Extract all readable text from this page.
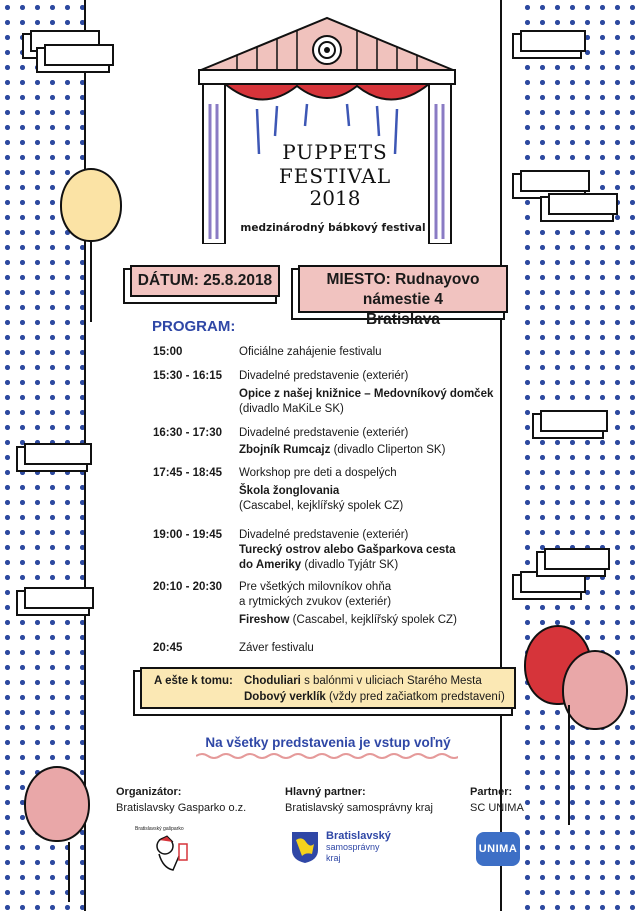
PUPPETS FESTIVAL
2018
medzinárodný bábkový festival
DÁTUM: 25.8.2018	MIESTO: Rudnayovo námestie 4
Bratislava
PROGRAM:
15:00	Oficiálne zahájenie festivalu
15:30 - 16:15 Divadelné predstavenie (exteriér)
Opice z našej knižnice – Medovníkový domček
(divadlo MaKiLe SK)
16:30 - 17:30 Divadelné predstavenie (exteriér)
Zbojník Rumcajz (divadlo Cliperton SK)
17:45 - 18:45 Workshop pre deti a dospelých
Škola žonglovania
(Cascabel, kejklířský spolek CZ)
19:00 - 19:45 Divadelné predstavenie (exteriér)
Turecký ostrov alebo Gašparkova cesta
do Ameriky (divadlo Tyjátr SK)
20:10 - 20:30 Pre všetkých milovníkov ohňa
a rytmických zvukov (exteriér)
Fireshow (Cascabel, kejklířský spolek CZ)
20:45	Záver festivalu
A ešte k tomu: Choduliari s balónmi v uliciach Starého Mesta
Dobový verklík (vždy pred začiatkom predstavení)
Na všetky predstavenia je vstup voľný
Organizátor:
Bratislavsky Gasparko o.z.
Hlavný partner:
Bratislavský samosprávny kraj
Partner:
SC UNIMA
Bratislavský gašparko
Bratislavský
samosprávny
kraj
UNIMA
